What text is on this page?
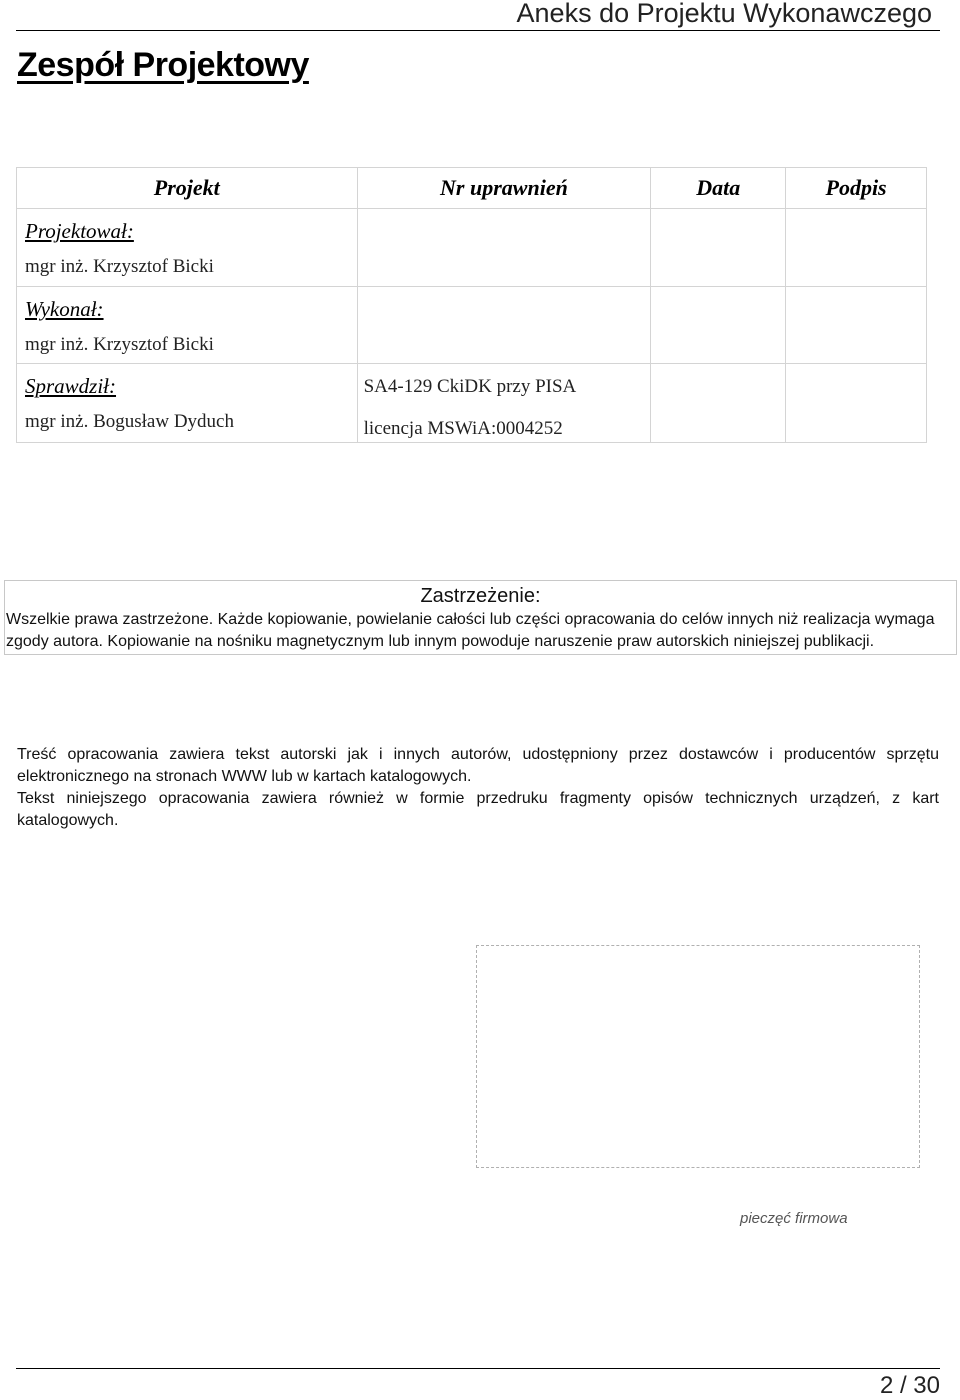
Aneks do Projektu Wykonawczego
Zespół Projektowy
Projekt	Nr uprawnień	Data	Podpis

Projektował:
mgr inż. Krzysztof Bicki			

Wykonał:
mgr inż. Krzysztof Bicki			

Sprawdził:
mgr inż. Bogusław Dyduch	SA4-129 CkiDK przy PISA
licencja MSWiA:0004252		

Zastrzeżenie:
Wszelkie prawa zastrzeżone. Każde kopiowanie, powielanie całości lub części opracowania do celów innych niż realizacja wymaga zgody autora. Kopiowanie na nośniku magnetycznym lub innym powoduje naruszenie praw autorskich niniejszej publikacji.

Treść opracowania zawiera tekst autorski jak i innych autorów, udostępniony przez dostawców i producentów sprzętu elektronicznego na stronach WWW lub w kartach katalogowych.

Tekst niniejszego opracowania zawiera również w formie przedruku fragmenty opisów technicznych urządzeń, z kart katalogowych.

pieczęć firmowa
2 / 30
